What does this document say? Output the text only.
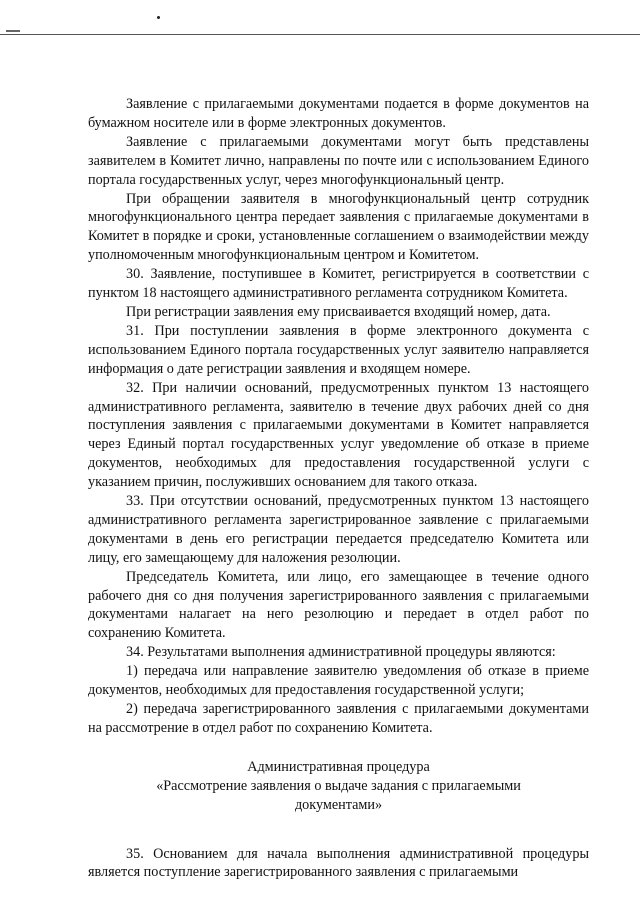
Заявление с прилагаемыми документами подается в форме документов на бумажном носителе или в форме электронных документов.

Заявление с прилагаемыми документами могут быть представлены заявителем в Комитет лично, направлены по почте или с использованием Единого портала государственных услуг, через многофункциональный центр.

При обращении заявителя в многофункциональный центр сотрудник многофункционального центра передает заявления с прилагаемые документами в Комитет в порядке и сроки, установленные соглашением о взаимодействии между уполномоченным многофункциональным центром и Комитетом.

30. Заявление, поступившее в Комитет, регистрируется в соответствии с пунктом 18 настоящего административного регламента сотрудником Комитета.

При регистрации заявления ему присваивается входящий номер, дата.

31. При поступлении заявления в форме электронного документа с использованием Единого портала государственных услуг заявителю направляется информация о дате регистрации заявления и входящем номере.

32. При наличии оснований, предусмотренных пунктом 13 настоящего административного регламента, заявителю в течение двух рабочих дней со дня поступления заявления с прилагаемыми документами в Комитет направляется через Единый портал государственных услуг уведомление об отказе в приеме документов, необходимых для предоставления государственной услуги с указанием причин, послуживших основанием для такого отказа.

33. При отсутствии оснований, предусмотренных пунктом 13 настоящего административного регламента зарегистрированное заявление с прилагаемыми документами в день его регистрации передается председателю Комитета или лицу, его замещающему для наложения резолюции.

Председатель Комитета, или лицо, его замещающее в течение одного рабочего дня со дня получения зарегистрированного заявления с прилагаемыми документами налагает на него резолюцию и передает в отдел работ по сохранению Комитета.

34. Результатами выполнения административной процедуры являются:

1) передача или направление заявителю уведомления об отказе в приеме документов, необходимых для предоставления государственной услуги;

2) передача зарегистрированного заявления с прилагаемыми документами на рассмотрение в отдел работ по сохранению Комитета.

Административная процедура

«Рассмотрение заявления о выдаче задания с прилагаемыми

документами»

35. Основанием для начала выполнения административной процедуры является поступление зарегистрированного заявления с прилагаемыми
